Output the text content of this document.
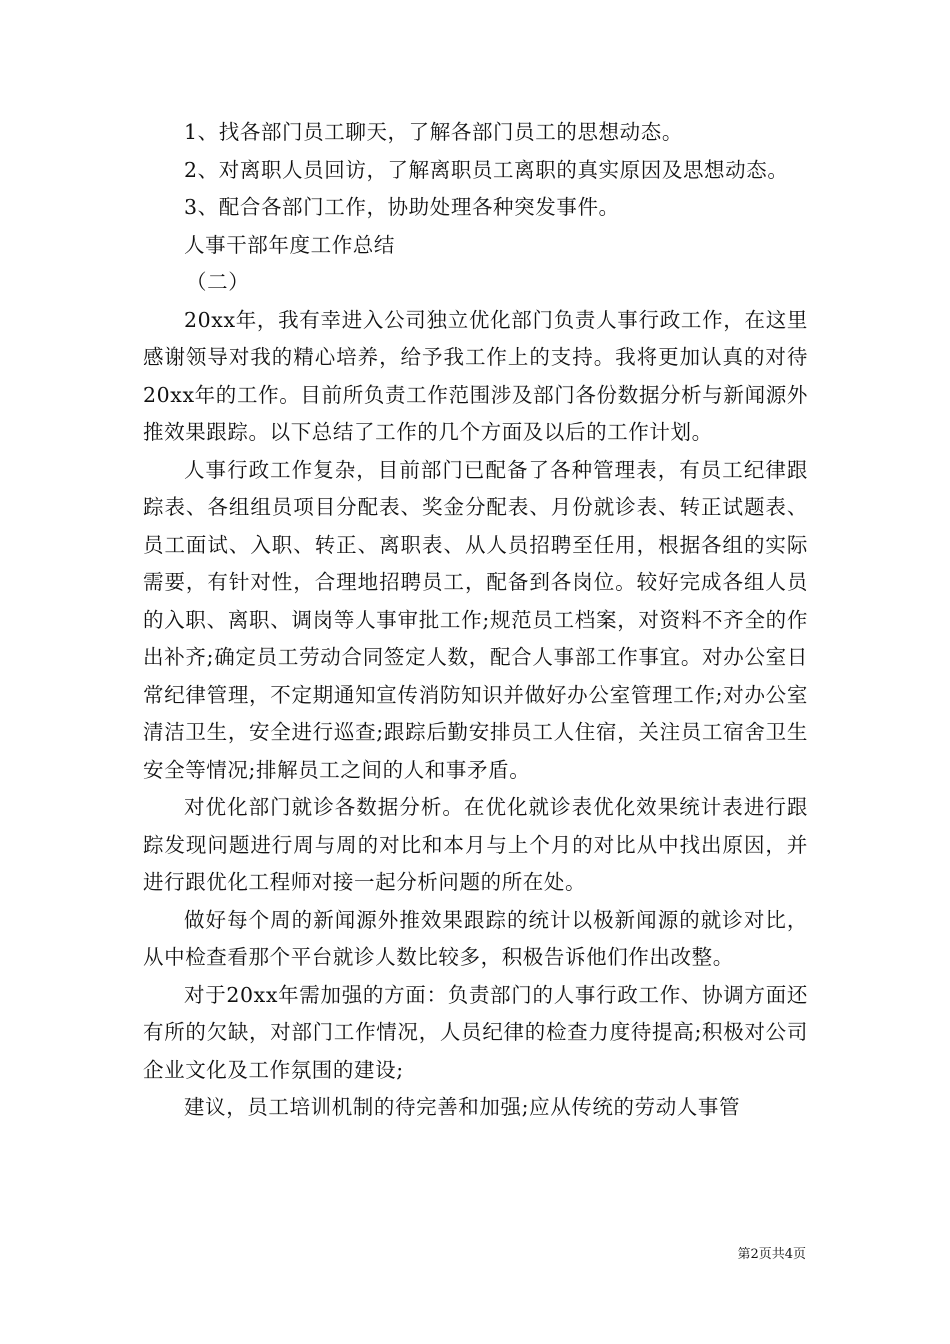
1、找各部门员工聊天，了解各部门员工的思想动态。

2、对离职人员回访，了解离职员工离职的真实原因及思想动态。

3、配合各部门工作，协助处理各种突发事件。

人事干部年度工作总结

（二）

20xx年，我有幸进入公司独立优化部门负责人事行政工作，在这里感谢领导对我的精心培养，给予我工作上的支持。我将更加认真的对待20xx年的工作。目前所负责工作范围涉及部门各份数据分析与新闻源外推效果跟踪。以下总结了工作的几个方面及以后的工作计划。

人事行政工作复杂，目前部门已配备了各种管理表，有员工纪律跟踪表、各组组员项目分配表、奖金分配表、月份就诊表、转正试题表、员工面试、入职、转正、离职表、从人员招聘至任用，根据各组的实际需要，有针对性，合理地招聘员工，配备到各岗位。较好完成各组人员的入职、离职、调岗等人事审批工作;规范员工档案，对资料不齐全的作出补齐;确定员工劳动合同签定人数，配合人事部工作事宜。对办公室日常纪律管理，不定期通知宣传消防知识并做好办公室管理工作;对办公室清洁卫生，安全进行巡查;跟踪后勤安排员工人住宿，关注员工宿舍卫生安全等情况;排解员工之间的人和事矛盾。

对优化部门就诊各数据分析。在优化就诊表优化效果统计表进行跟踪发现问题进行周与周的对比和本月与上个月的对比从中找出原因，并进行跟优化工程师对接一起分析问题的所在处。

做好每个周的新闻源外推效果跟踪的统计以极新闻源的就诊对比，从中检查看那个平台就诊人数比较多，积极告诉他们作出改整。

对于20xx年需加强的方面：负责部门的人事行政工作、协调方面还有所的欠缺，对部门工作情况，人员纪律的检查力度待提高;积极对公司企业文化及工作氛围的建设;

建议，员工培训机制的待完善和加强;应从传统的劳动人事管

第2页共4页
